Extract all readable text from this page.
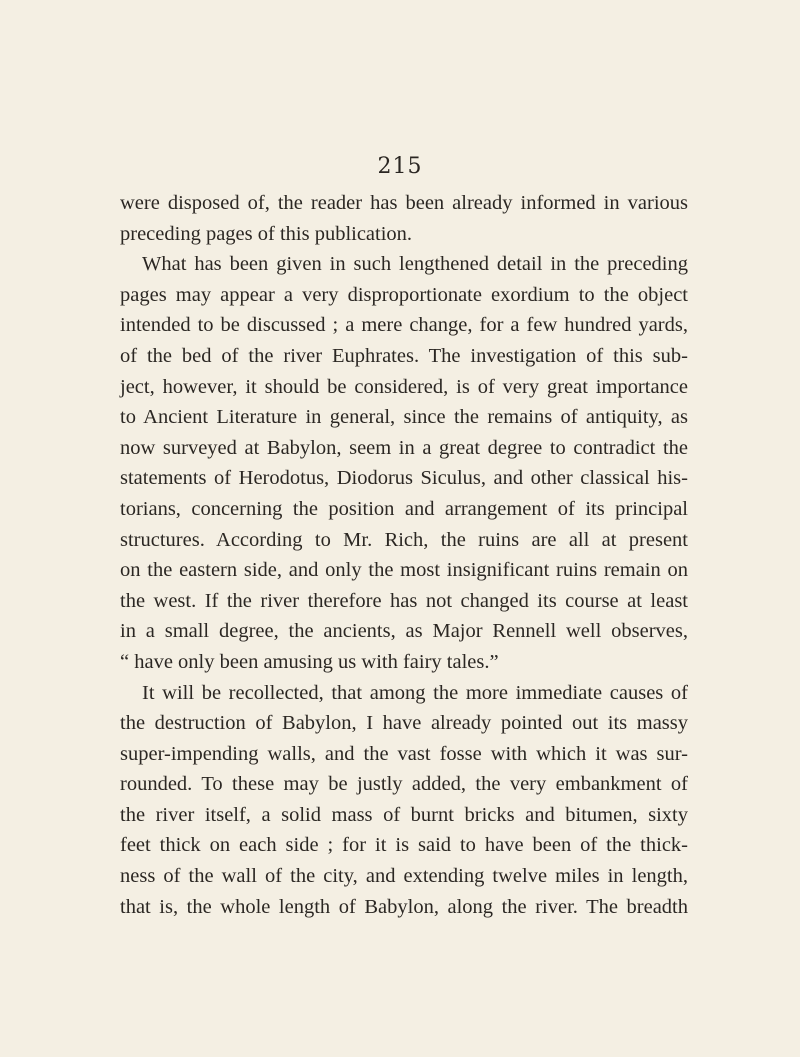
215
were disposed of, the reader has been already informed in various
preceding pages of this publication.
What has been given in such lengthened detail in the preceding
pages may appear a very disproportionate exordium to the object
intended to be discussed ; a mere change, for a few hundred yards,
of the bed of the river Euphrates. The investigation of this sub-
ject, however, it should be considered, is of very great importance
to Ancient Literature in general, since the remains of antiquity, as
now surveyed at Babylon, seem in a great degree to contradict the
statements of Herodotus, Diodorus Siculus, and other classical his-
torians, concerning the position and arrangement of its principal
structures. According to Mr. Rich, the ruins are all at present
on the eastern side, and only the most insignificant ruins remain on
the west. If the river therefore has not changed its course at least
in a small degree, the ancients, as Major Rennell well observes,
“ have only been amusing us with fairy tales.”
It will be recollected, that among the more immediate causes of
the destruction of Babylon, I have already pointed out its massy
super-impending walls, and the vast fosse with which it was sur-
rounded. To these may be justly added, the very embankment of
the river itself, a solid mass of burnt bricks and bitumen, sixty
feet thick on each side ; for it is said to have been of the thick-
ness of the wall of the city, and extending twelve miles in length,
that is, the whole length of Babylon, along the river. The breadth
